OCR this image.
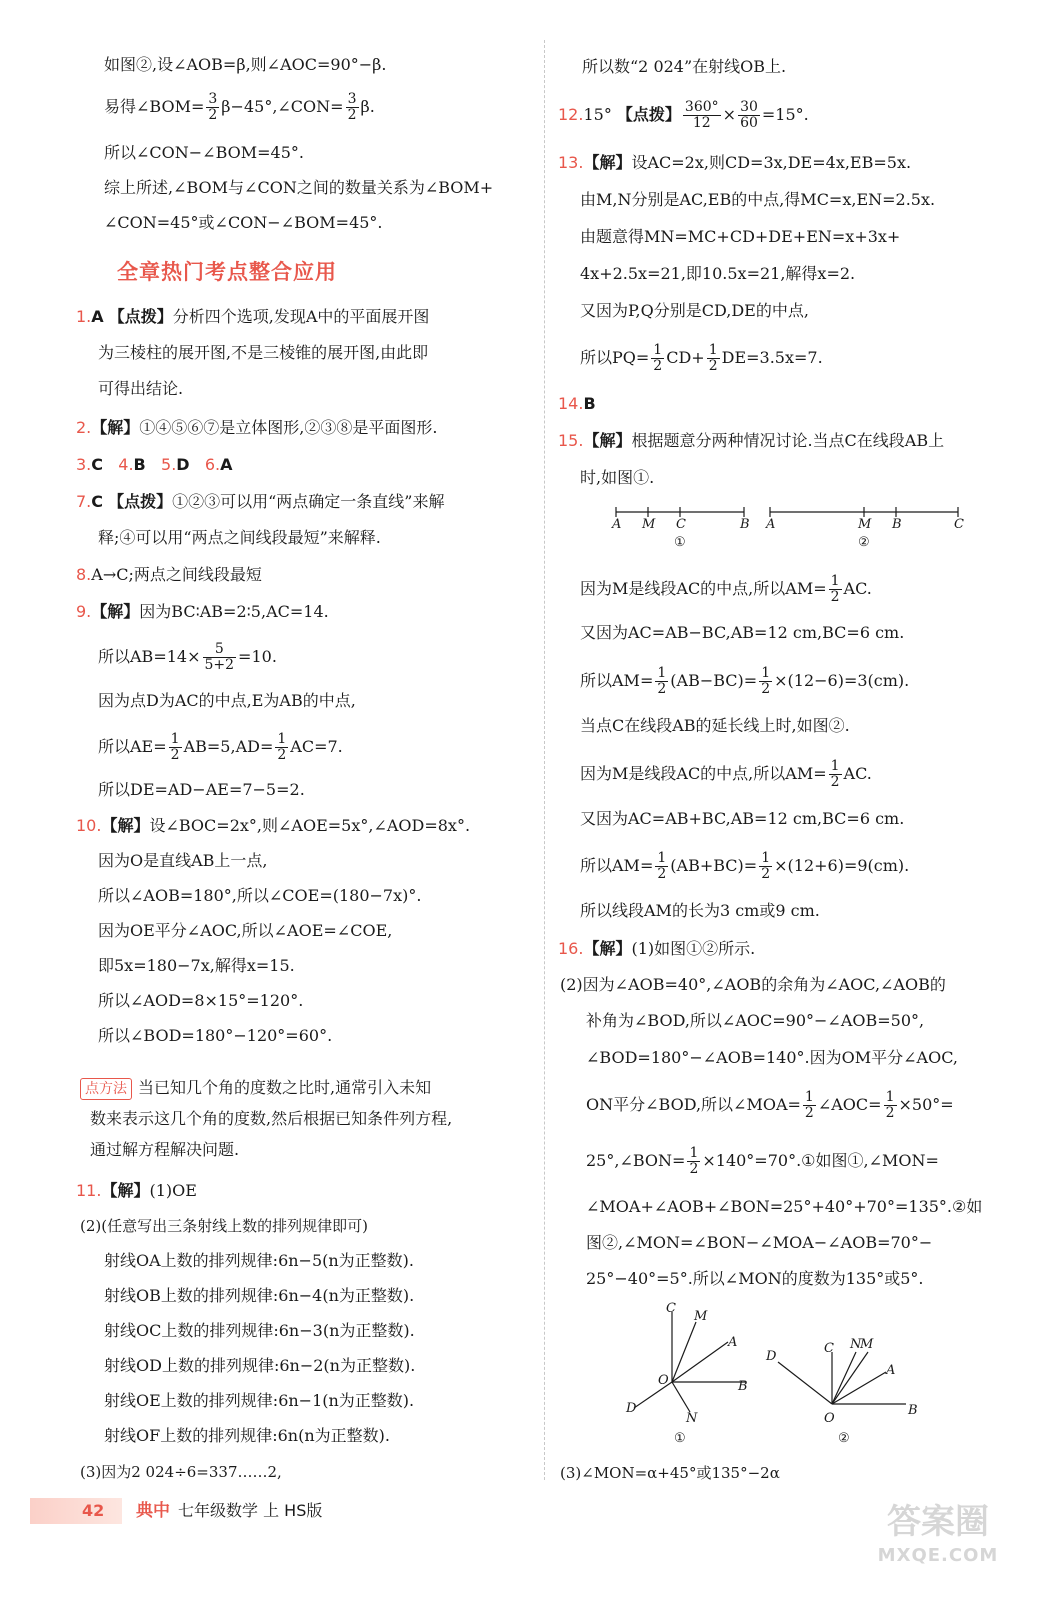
如图②,设∠AOB=β,则∠AOC=90°−β.
易得∠BOM= $\frac{3}{2}$ β−45°,∠CON= $\frac{3}{2} \beta$.
所以∠CON−∠BOM=45°.
综上所述,∠BOM与∠CON之间的数量关系为∠BOM+
∠CON=45°或∠CON−∠BOM=45°.
全章热门考点整合应用
1.A 【点拨】分析四个选项,发现A中的平面展开图
为三棱柱的展开图,不是三棱锥的展开图,由此即
可得出结论.
2.【解】①④⑤⑥⑦是立体图形,②③⑧是平面图形.
3.C 4.B 5.D 6.A
7.C 【点拨】①②③可以用“两点确定一条直线”来解
释;④可以用“两点之间线段最短”来解释.
8.A→C;两点之间线段最短
9.【解】因为BC∶AB=2∶5,AC=14.
所以$AB=14\times \frac{5}{5+2} =10$.
因为点D为AC的中点,E为AB的中点,
所以$AE= \frac{1}{2} AB=5,AD= \frac{1}{2} AC=7$.
所以DE=AD−AE=7−5=2.
10.【解】设∠BOC=2x°,则∠AOE=5x°,∠AOD=8x°.
因为O是直线AB上一点,
所以∠AOB=180°,所以∠COE=(180−7x)°.
因为OE平分∠AOC,所以∠AOE=∠COE,
即5x=180−7x,解得x=15.
所以∠AOD=8×15°=120°.
所以∠BOD=180°−120°=60°.
点方法 当已知几个角的度数之比时,通常引入未知
数来表示这几个角的度数,然后根据已知条件列方程,
通过解方程解决问题.
11.【解】(1)OE
(2)(任意写出三条射线上数的排列规律即可)
射线OA上数的排列规律:6n−5(n为正整数).
射线OB上数的排列规律:6n−4(n为正整数).
射线OC上数的排列规律:6n−3(n为正整数).
射线OD上数的排列规律:6n−2(n为正整数).
射线OE上数的排列规律:6n−1(n为正整数).
射线OF上数的排列规律:6n(n为正整数).
(3)因为2 024÷6=337……2,
所以数“2 024”在射线OB上.
12.15° 【点拨】 $\frac{360^\circ}{12} \times \frac{30}{60} =15^\circ$.
13.【解】设AC=2x,则CD=3x,DE=4x,EB=5x.
由M,N分别是AC,EB的中点,得MC=x,EN=2.5x.
由题意得MN=MC+CD+DE+EN=x+3x+
4x+2.5x=21,即10.5x=21,解得x=2.
又因为P,Q分别是CD,DE的中点,
所以$PQ= \frac{1}{2} CD+ \frac{1}{2} DE=3.5x=7$.
14.B
15.【解】根据题意分两种情况讨论.当点C在线段AB上
时,如图①.
A M C	B
①
A	M B	C
②
因为M是线段AC的中点,所以$AM= \frac{1}{2}$ AC.
又因为AC=AB−BC,AB=12 cm,BC=6 cm.
所以$AM= \frac{1}{2} (AB-BC)= \frac{1}{2} \times(12-6)=3(cm)$.
当点C在线段AB的延长线上时,如图②.
因为M是线段AC的中点,所以$AM= \frac{1}{2}$ AC.
又因为AC=AB+BC,AB=12 cm,BC=6 cm.
所以$AM= \frac{1}{2} (AB+BC)= \frac{1}{2} \times(12+6)=9(cm)$.
所以线段AM的长为3 cm或9 cm.
16.【解】(1)如图①②所示.
(2)因为∠AOB=40°,∠AOB的余角为∠AOC,∠AOB的
补角为∠BOD,所以∠AOC=90°−∠AOB=50°,
∠BOD=180°−∠AOB=140°.因为OM平分∠AOC,
ON平分∠BOD,所以∠MOA= $\frac{1}{2}$ ∠AOC= $\frac{1}{2} \times 50^\circ=$
25°,∠BON= $\frac{1}{2}$ ×140°=70°.①如图①,∠MON=
∠MOA+∠AOB+∠BON=25°+40°+70°=135°.②如
图②,∠MON=∠BON−∠MOA−∠AOB=70°−
25°−40°=5°.所以∠MON的度数为135°或5°.
C
M
A
O	B
D
N
①
D
C N
M
A
O
B
②
(3)∠MON=α+45°或135°−2α
42 典中 七年级数学 上 HS版	答案圈
MXQE.COM
